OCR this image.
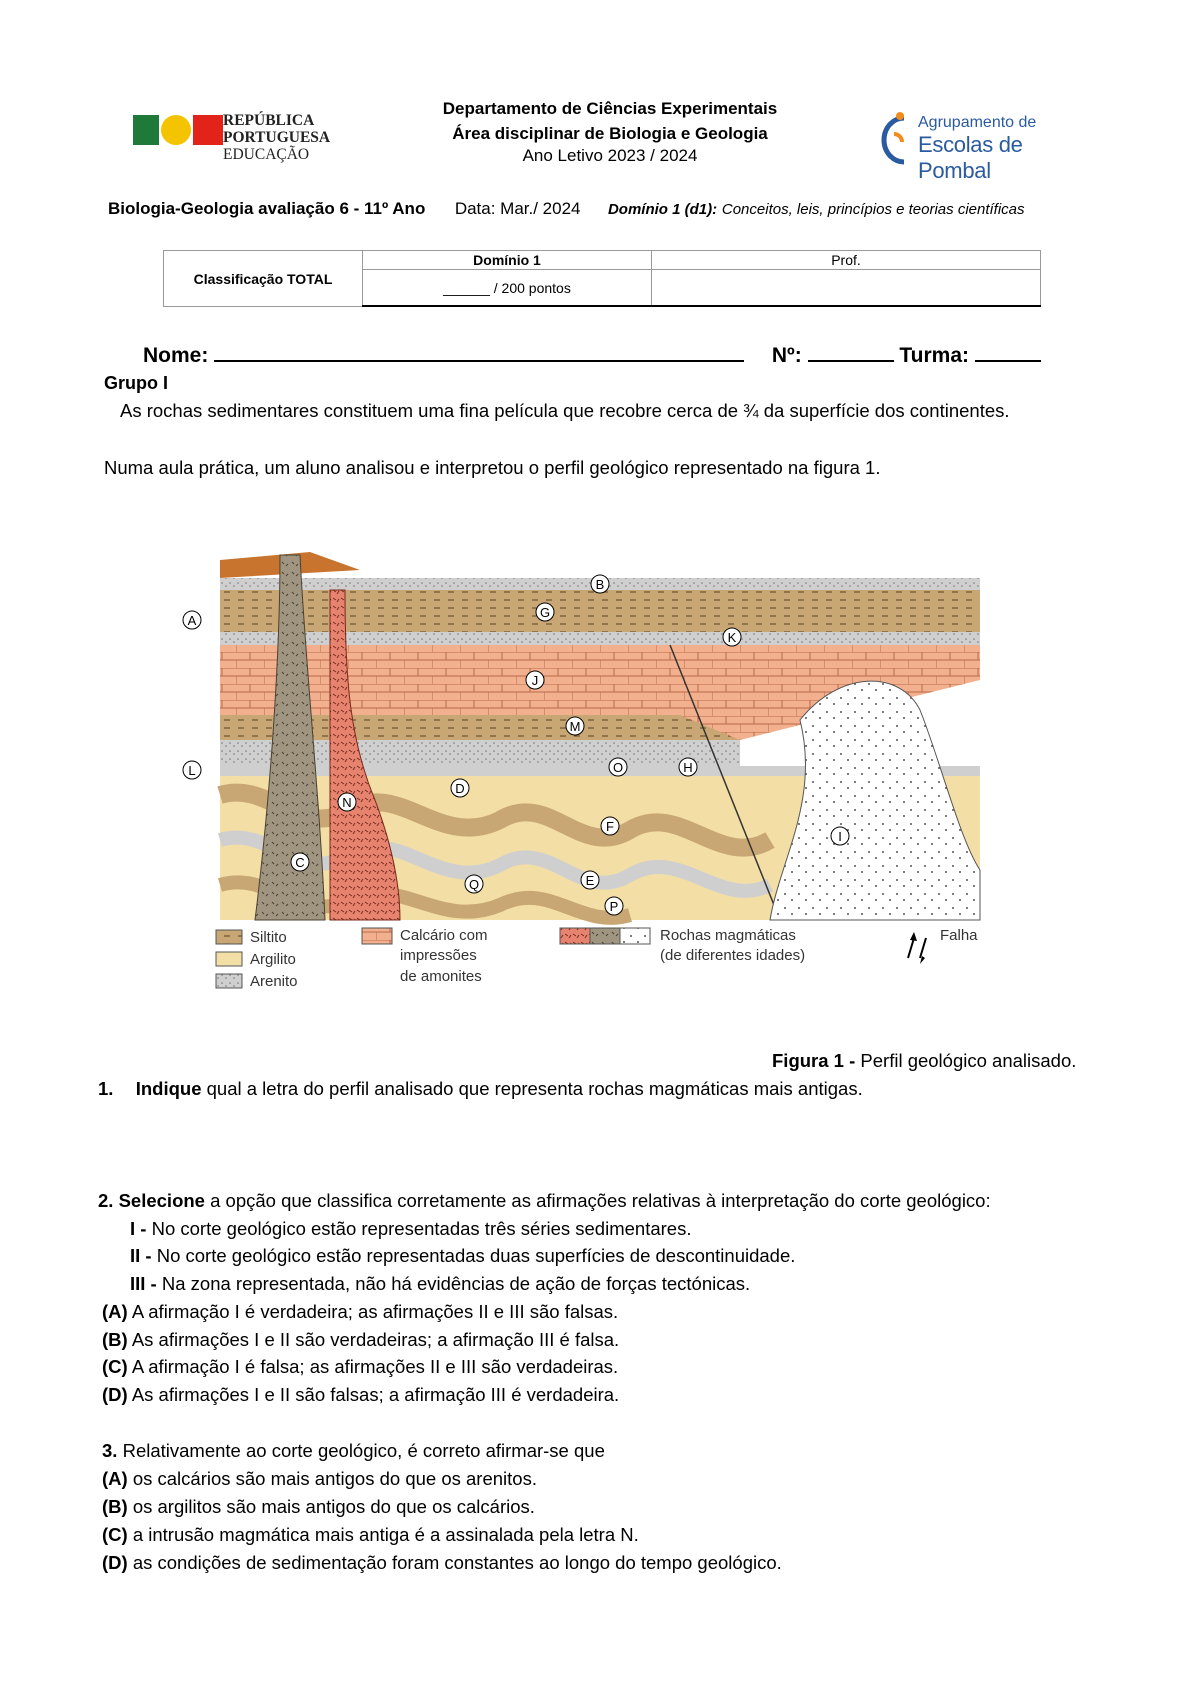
REPÚBLICA
PORTUGUESA
EDUCAÇÃO
Departamento de Ciências Experimentais
Área disciplinar de Biologia e Geologia
Ano Letivo 2023 / 2024
Agrupamento de
Escolas de Pombal
Biologia-Geologia avaliação 6 - 11º Ano Data: Mar./ 2024 Domínio 1 (d1): Conceitos, leis, princípios e teorias científicas
	Domínio 1	Prof.
Classificação TOTAL	______ / 200 pontos	
Nome:	Nº:	Turma:
Grupo I
As rochas sedimentares constituem uma fina película que recobre cerca de ¾ da superfície dos continentes.
Numa aula prática, um aluno analisou e interpretou o perfil geológico representado na figura 1.
A
B
C
D
E
F
G
H
I
J
K
L
M
N
O
P
Q
Siltito
Argilito
Arenito
Calcário com
impressões
de amonites
Rochas magmáticas
(de diferentes idades)
Falha
Figura 1 - Perfil geológico analisado.
1. Indique qual a letra do perfil analisado que representa rochas magmáticas mais antigas.
2. Selecione a opção que classifica corretamente as afirmações relativas à interpretação do corte geológico:
I - No corte geológico estão representadas três séries sedimentares.
II - No corte geológico estão representadas duas superfícies de descontinuidade.
III - Na zona representada, não há evidências de ação de forças tectónicas.
(A) A afirmação I é verdadeira; as afirmações II e III são falsas.
(B) As afirmações I e II são verdadeiras; a afirmação III é falsa.
(C) A afirmação I é falsa; as afirmações II e III são verdadeiras.
(D) As afirmações I e II são falsas; a afirmação III é verdadeira.
3. Relativamente ao corte geológico, é correto afirmar-se que
(A) os calcários são mais antigos do que os arenitos.
(B) os argilitos são mais antigos do que os calcários.
(C) a intrusão magmática mais antiga é a assinalada pela letra N.
(D) as condições de sedimentação foram constantes ao longo do tempo geológico.
